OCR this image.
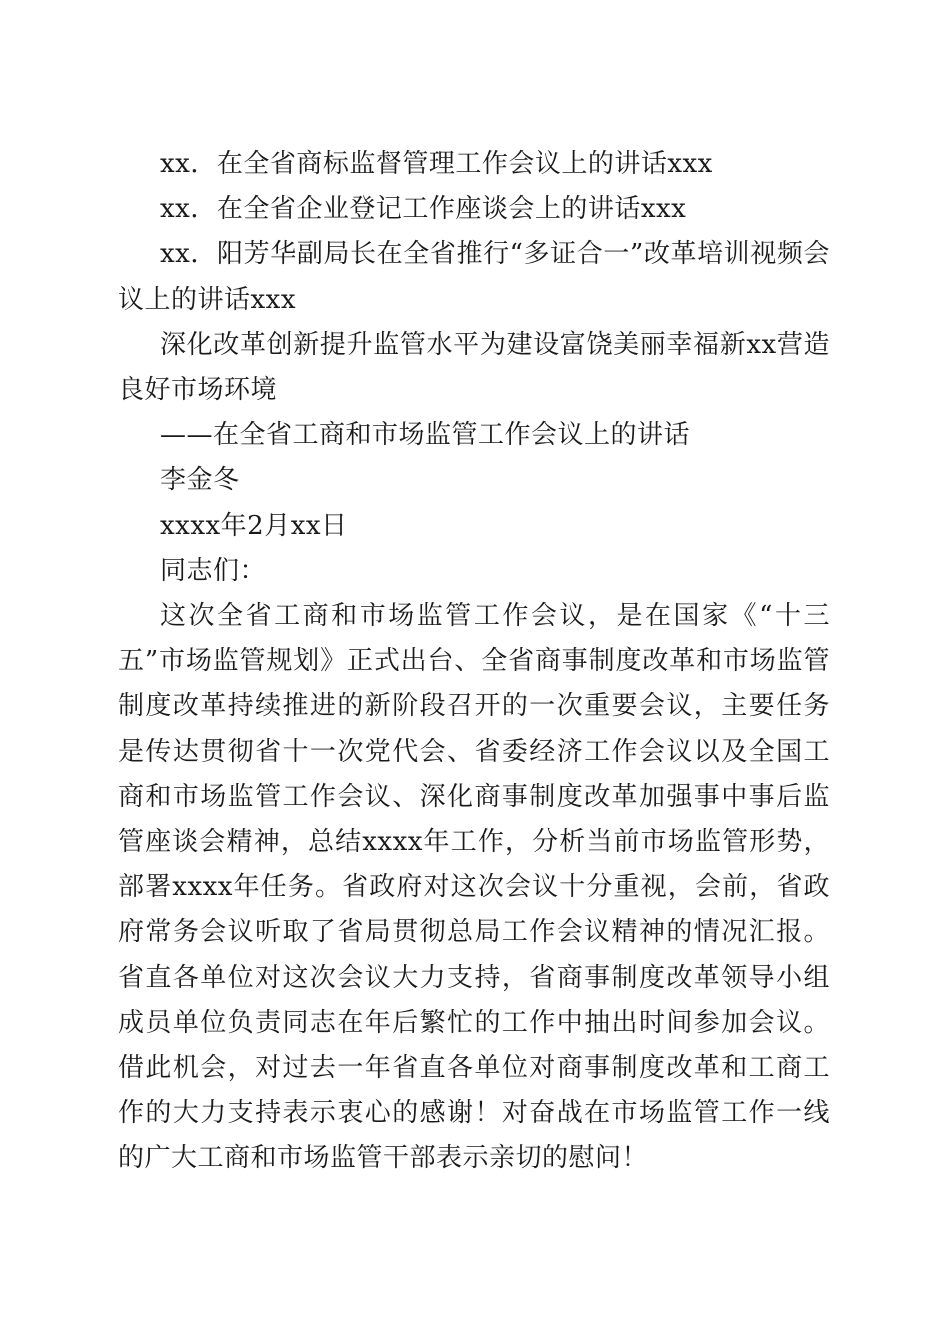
xx．在全省商标监督管理工作会议上的讲话xxx

xx．在全省企业登记工作座谈会上的讲话xxx

xx．阳芳华副局长在全省推行“多证合一”改革培训视频会议上的讲话xxx

深化改革创新提升监管水平为建设富饶美丽幸福新xx营造良好市场环境

——在全省工商和市场监管工作会议上的讲话

李金冬

xxxx年2月xx日

同志们：

这次全省工商和市场监管工作会议，是在国家《“十三五”市场监管规划》正式出台、全省商事制度改革和市场监管制度改革持续推进的新阶段召开的一次重要会议，主要任务是传达贯彻省十一次党代会、省委经济工作会议以及全国工商和市场监管工作会议、深化商事制度改革加强事中事后监管座谈会精神，总结xxxx年工作，分析当前市场监管形势，部署xxxx年任务。省政府对这次会议十分重视，会前，省政府常务会议听取了省局贯彻总局工作会议精神的情况汇报。省直各单位对这次会议大力支持，省商事制度改革领导小组成员单位负责同志在年后繁忙的工作中抽出时间参加会议。借此机会，对过去一年省直各单位对商事制度改革和工商工作的大力支持表示衷心的感谢！对奋战在市场监管工作一线的广大工商和市场监管干部表示亲切的慰问！
